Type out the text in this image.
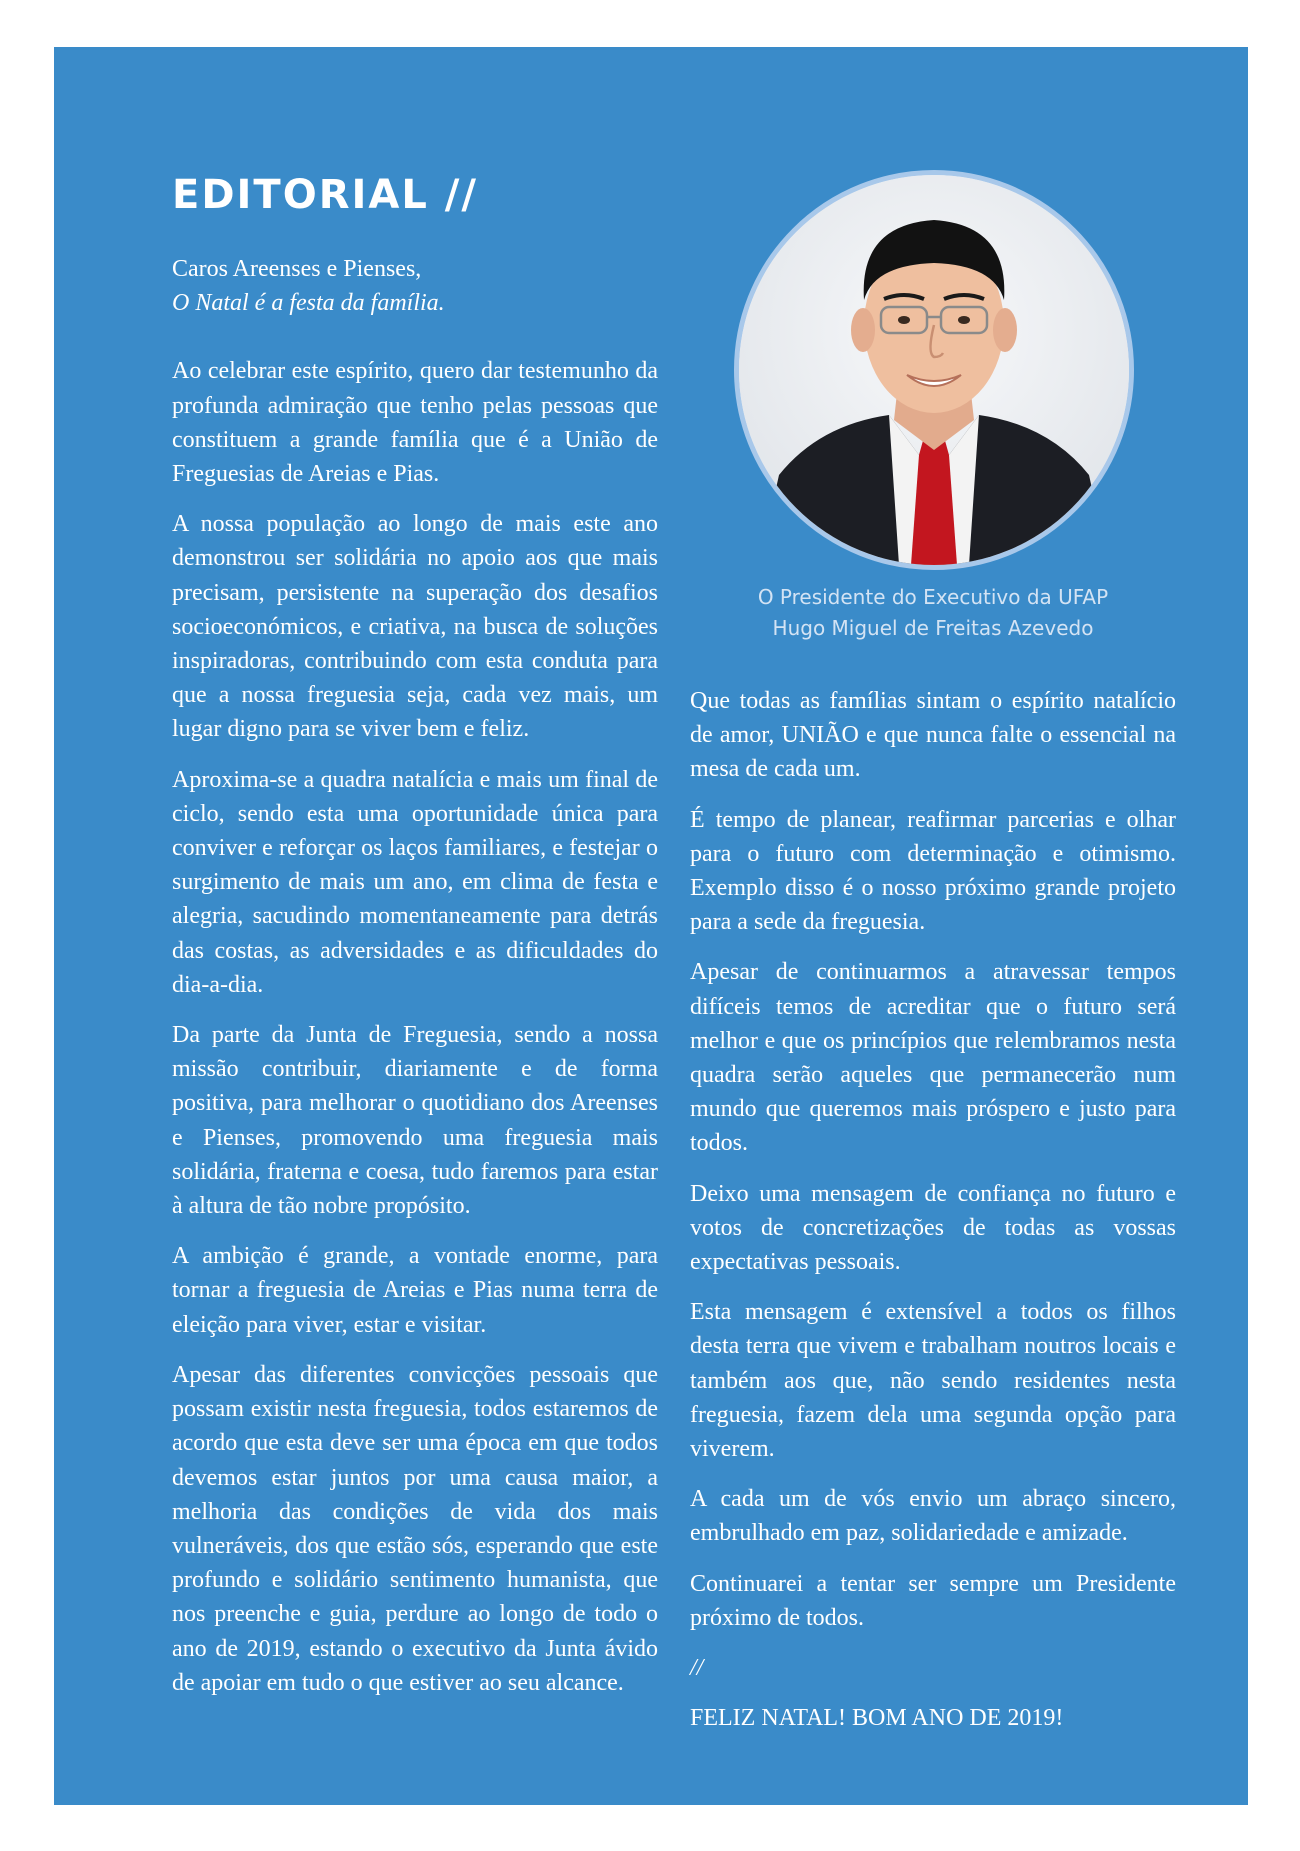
EDITORIAL //

Caros Areenses e Pienses,
O Natal é a festa da família.

Ao celebrar este espírito, quero dar testemunho da profunda admiração que tenho pelas pessoas que constituem a grande família que é a União de Freguesias de Areias e Pias.

A nossa população ao longo de mais este ano demonstrou ser solidária no apoio aos que mais precisam, persistente na superação dos desafios socioeconómicos, e criativa, na busca de soluções inspiradoras, contribuindo com esta conduta para que a nossa freguesia seja, cada vez mais, um lugar digno para se viver bem e feliz.

Aproxima-se a quadra natalícia e mais um final de ciclo, sendo esta uma oportunidade única para conviver e reforçar os laços familiares, e festejar o surgimento de mais um ano, em clima de festa e alegria, sacudindo momentaneamente para detrás das costas, as adversidades e as dificuldades do dia-a-dia.

Da parte da Junta de Freguesia, sendo a nossa missão contribuir, diariamente e de forma positiva, para melhorar o quotidiano dos Areenses e Pienses, promovendo uma freguesia mais solidária, fraterna e coesa, tudo faremos para estar à altura de tão nobre propósito.

A ambição é grande, a vontade enorme, para tornar a freguesia de Areias e Pias numa terra de eleição para viver, estar e visitar.

Apesar das diferentes convicções pessoais que possam existir nesta freguesia, todos estaremos de acordo que esta deve ser uma época em que todos devemos estar juntos por uma causa maior, a melhoria das condições de vida dos mais vulneráveis, dos que estão sós, esperando que este profundo e solidário sentimento humanista, que nos preenche e guia, perdure ao longo de todo o ano de 2019, estando o executivo da Junta ávido de apoiar em tudo o que estiver ao seu alcance.

O Presidente do Executivo da UFAP
Hugo Miguel de Freitas Azevedo

Que todas as famílias sintam o espírito natalício de amor, UNIÃO e que nunca falte o essencial na mesa de cada um.

É tempo de planear, reafirmar parcerias e olhar para o futuro com determinação e otimismo. Exemplo disso é o nosso próximo grande projeto para a sede da freguesia.

Apesar de continuarmos a atravessar tempos difíceis temos de acreditar que o futuro será melhor e que os princípios que relembramos nesta quadra serão aqueles que permanecerão num mundo que queremos mais próspero e justo para todos.

Deixo uma mensagem de confiança no futuro e votos de concretizações de todas as vossas expectativas pessoais.

Esta mensagem é extensível a todos os filhos desta terra que vivem e trabalham noutros locais e também aos que, não sendo residentes nesta freguesia, fazem dela uma segunda opção para viverem.

A cada um de vós envio um abraço sincero, embrulhado em paz, solidariedade e amizade.

Continuarei a tentar ser sempre um Presidente próximo de todos.

//

FELIZ NATAL! BOM ANO DE 2019!
